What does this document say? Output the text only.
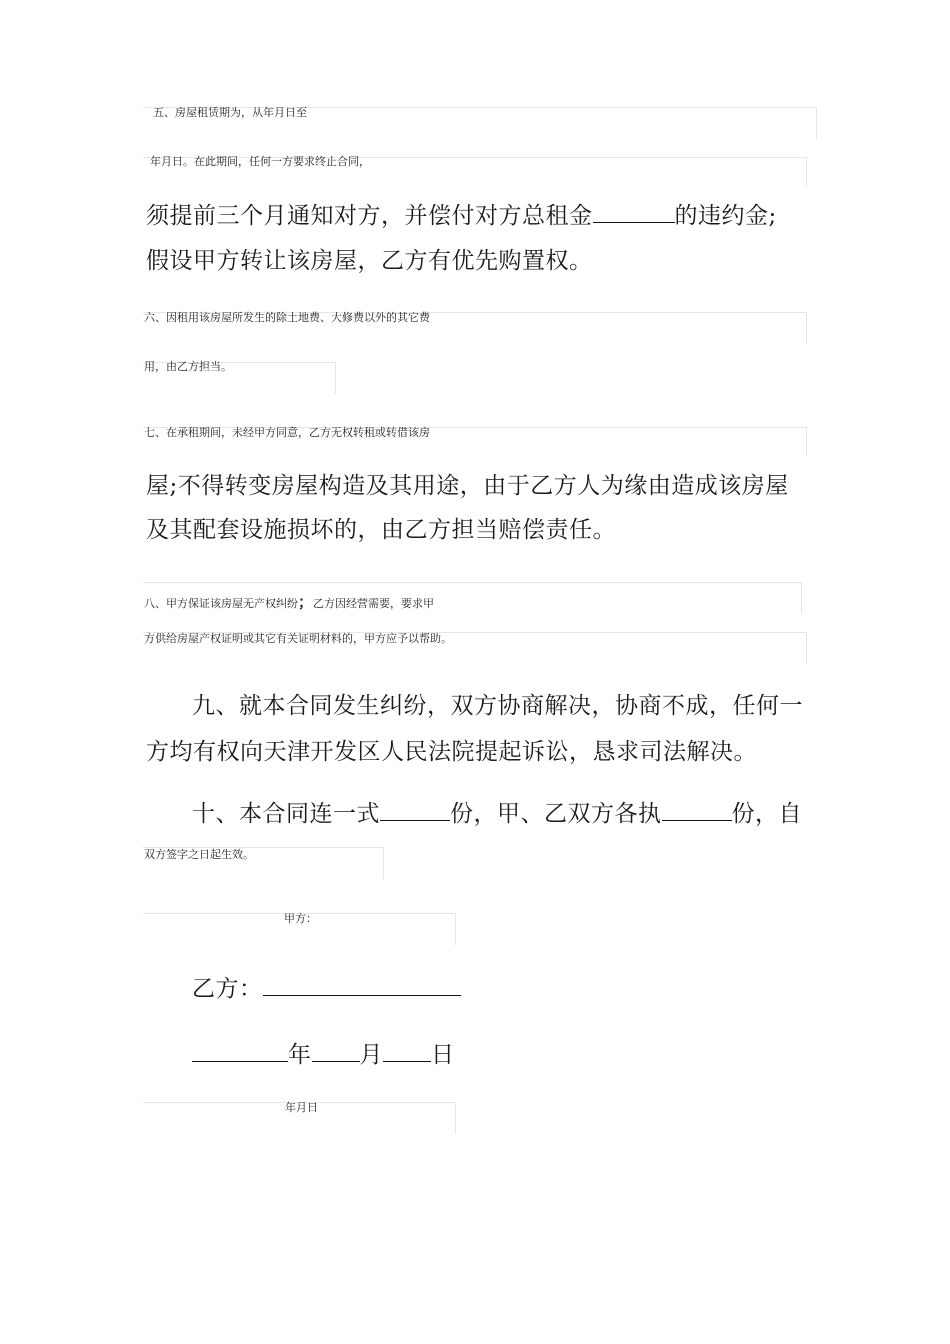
五、房屋租赁期为，从年月日至
年月日。在此期间，任何一方要求终止合同，
须提前三个月通知对方，并偿付对方总租金	的违约金;
假设甲方转让该房屋，乙方有优先购置权。
六、因租用该房屋所发生的除土地费、大修费以外的其它费
用，由乙方担当。
七、在承租期间，未经甲方同意，乙方无权转租或转借该房
屋;不得转变房屋构造及其用途，由于乙方人为缘由造成该房屋
及其配套设施损坏的，由乙方担当赔偿责任。
八、甲方保证该房屋无产权纠纷；乙方因经营需要，要求甲
方供给房屋产权证明或其它有关证明材料的，甲方应予以帮助。
九、就本合同发生纠纷，双方协商解决，协商不成，任何一
方均有权向天津开发区人民法院提起诉讼，恳求司法解决。
十、本合同连一式	份，甲、乙双方各执	份，自
双方签字之日起生效。
甲方：
乙方：
年 月 日
年月日
